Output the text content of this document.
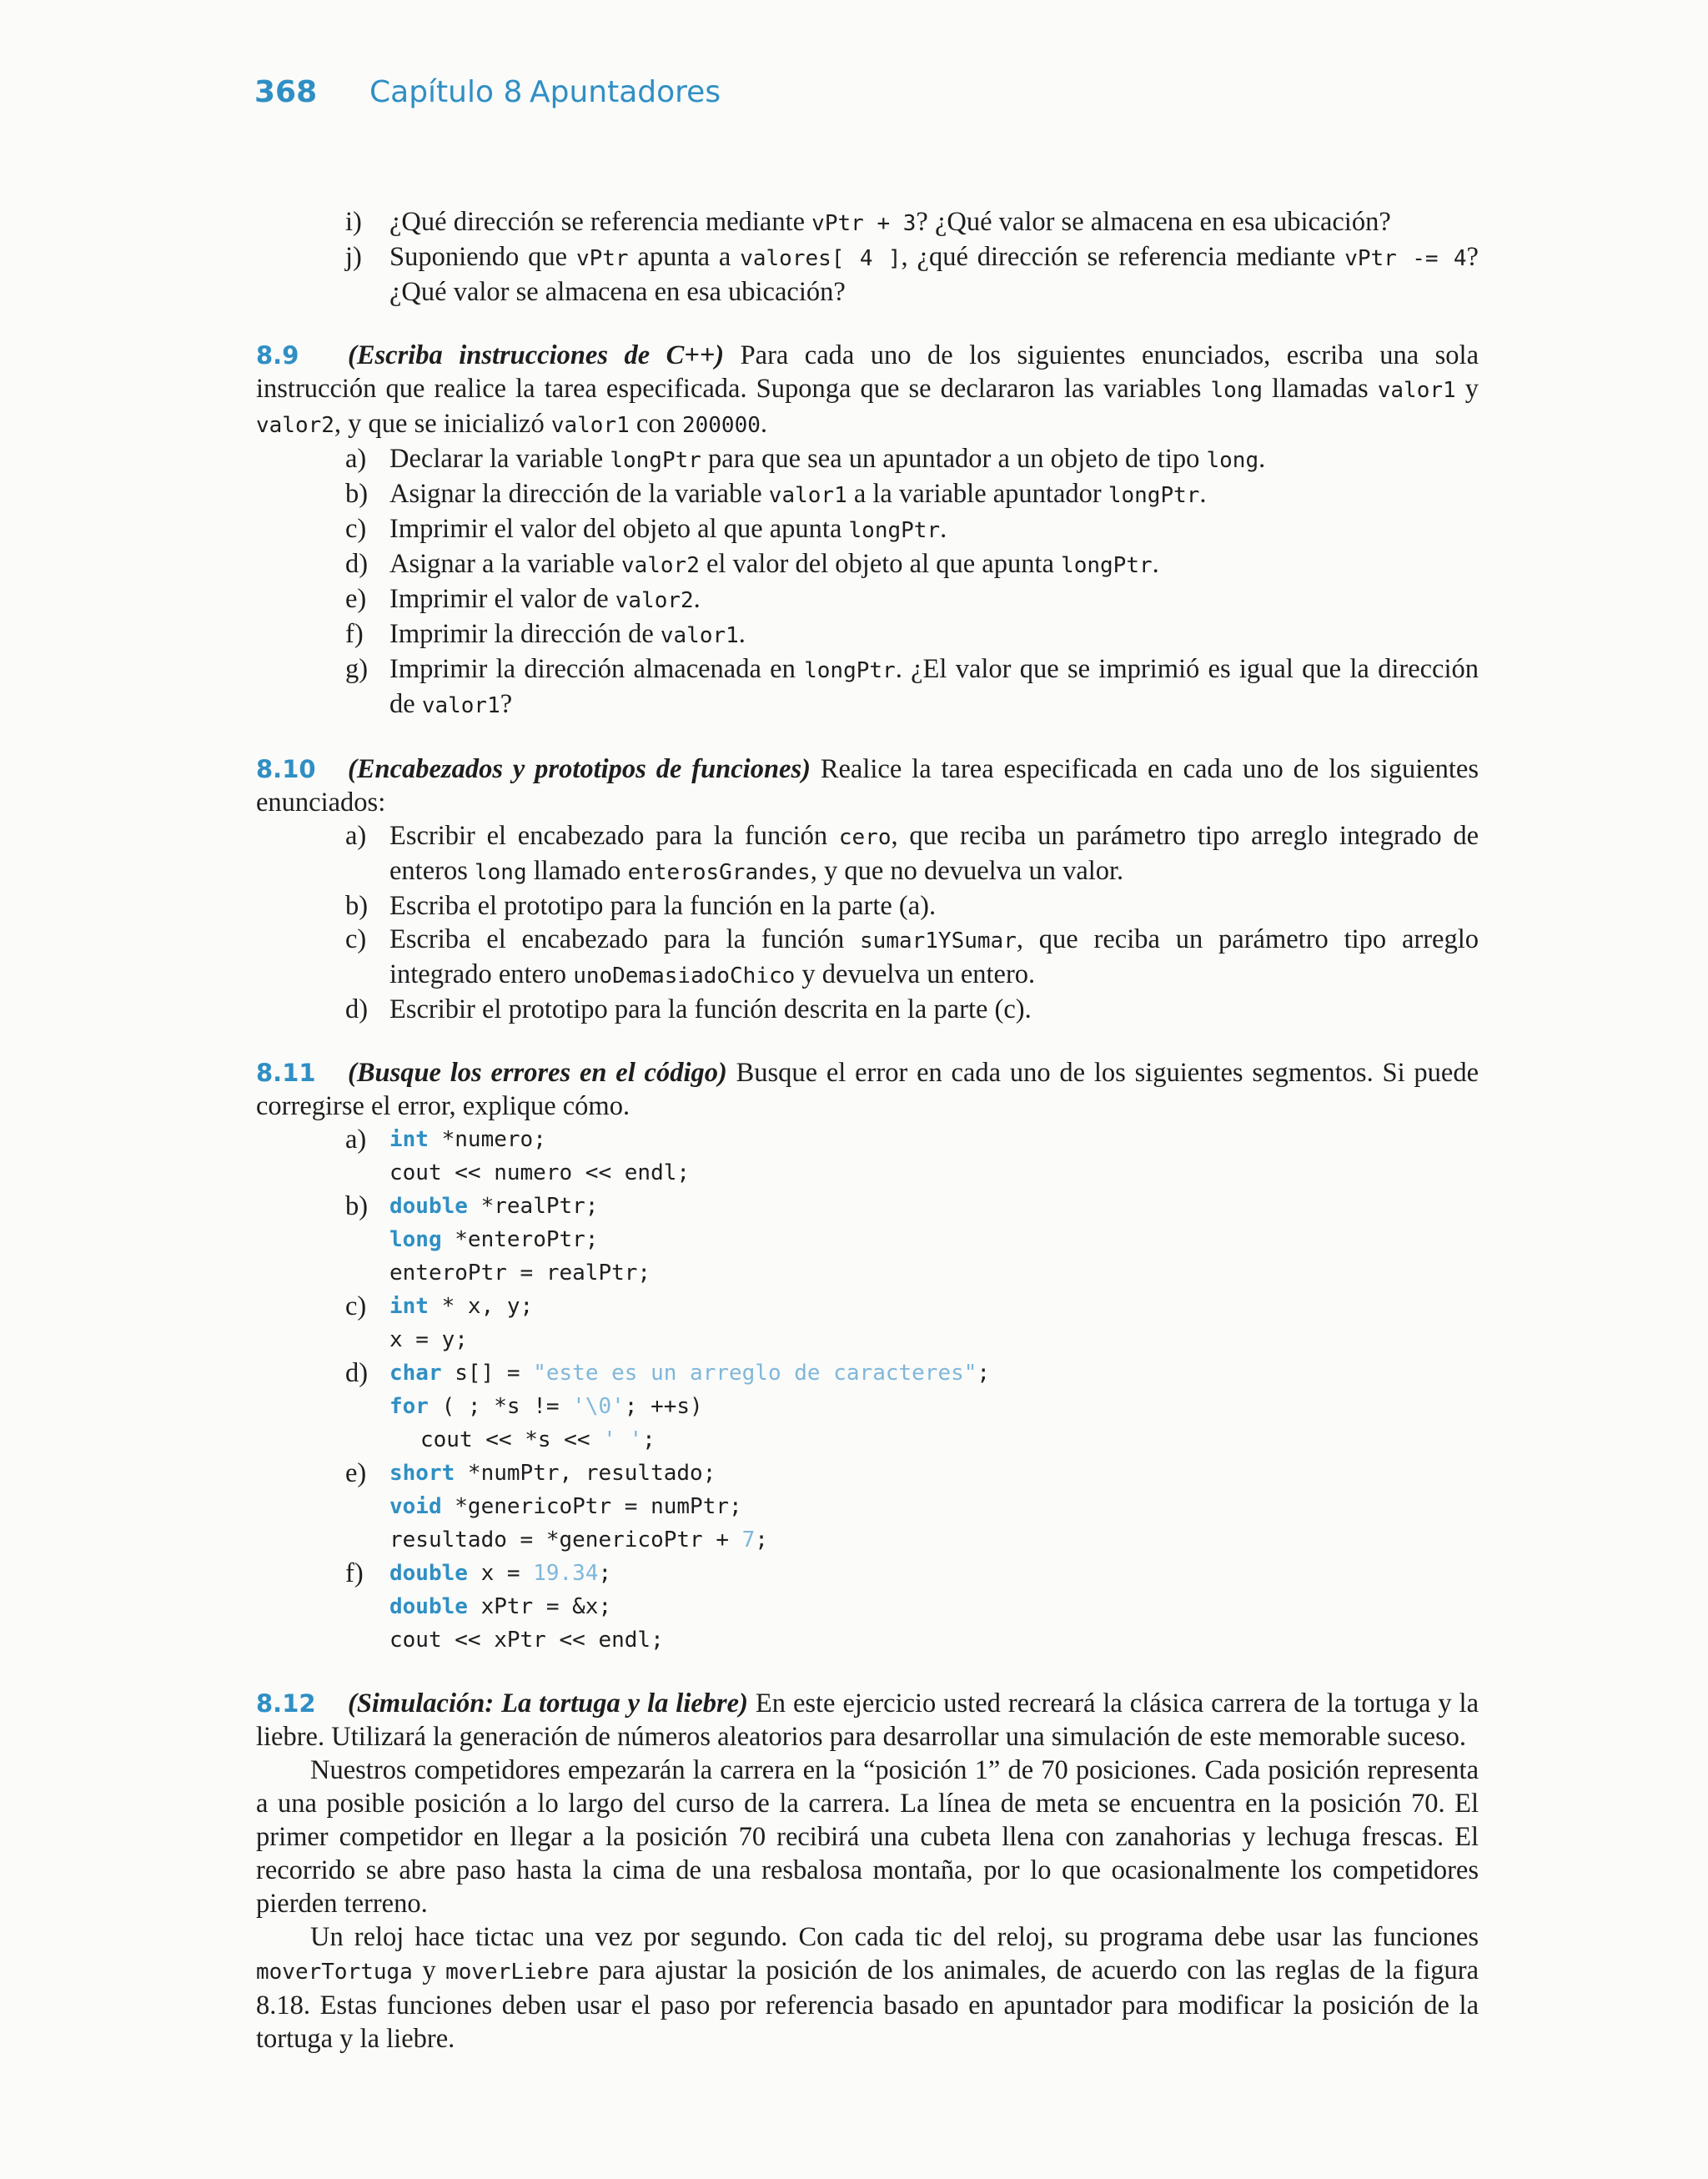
368 Capítulo 8 Apuntadores
i) ¿Qué dirección se referencia mediante vPtr + 3? ¿Qué valor se almacena en esa ubicación?
j) Suponiendo que vPtr apunta a valores[ 4 ], ¿qué dirección se referencia mediante vPtr -= 4? ¿Qué valor se almacena en esa ubicación?
8.9 (Escriba instrucciones de C++) Para cada uno de los siguientes enunciados, escriba una sola instrucción que realice la tarea especificada. Suponga que se declararon las variables long llamadas valor1 y valor2, y que se inicializó valor1 con 200000.
a) Declarar la variable longPtr para que sea un apuntador a un objeto de tipo long.
b) Asignar la dirección de la variable valor1 a la variable apuntador longPtr.
c) Imprimir el valor del objeto al que apunta longPtr.
d) Asignar a la variable valor2 el valor del objeto al que apunta longPtr.
e) Imprimir el valor de valor2.
f) Imprimir la dirección de valor1.
g) Imprimir la dirección almacenada en longPtr. ¿El valor que se imprimió es igual que la dirección de valor1?
8.10 (Encabezados y prototipos de funciones) Realice la tarea especificada en cada uno de los siguientes enunciados:
a) Escribir el encabezado para la función cero, que reciba un parámetro tipo arreglo integrado de enteros long llamado enterosGrandes, y que no devuelva un valor.
b) Escriba el prototipo para la función en la parte (a).
c) Escriba el encabezado para la función sumar1YSumar, que reciba un parámetro tipo arreglo integrado entero unoDemasiadoChico y devuelva un entero.
d) Escribir el prototipo para la función descrita en la parte (c).
8.11 (Busque los errores en el código) Busque el error en cada uno de los siguientes segmentos. Si puede corregirse el error, explique cómo.
a) int *numero;
cout << numero << endl;
b) double *realPtr;
long *enteroPtr;
enteroPtr = realPtr;
c) int * x, y;
x = y;
d) char s[] = "este es un arreglo de caracteres";
for ( ; *s != '\0'; ++s)
cout << *s << ' ';
e) short *numPtr, resultado;
void *genericoPtr = numPtr;
resultado = *genericoPtr + 7;
f) double x = 19.34;
double xPtr = &x;
cout << xPtr << endl;
8.12 (Simulación: La tortuga y la liebre) En este ejercicio usted recreará la clásica carrera de la tortuga y la liebre. Utilizará la generación de números aleatorios para desarrollar una simulación de este memorable suceso.
Nuestros competidores empezarán la carrera en la “posición 1” de 70 posiciones. Cada posición representa a una posible posición a lo largo del curso de la carrera. La línea de meta se encuentra en la posición 70. El primer competidor en llegar a la posición 70 recibirá una cubeta llena con zanahorias y lechuga frescas. El recorrido se abre paso hasta la cima de una resbalosa montaña, por lo que ocasionalmente los competidores pierden terreno.
Un reloj hace tictac una vez por segundo. Con cada tic del reloj, su programa debe usar las funciones moverTortuga y moverLiebre para ajustar la posición de los animales, de acuerdo con las reglas de la figura 8.18. Estas funciones deben usar el paso por referencia basado en apuntador para modificar la posición de la tortuga y la liebre.
